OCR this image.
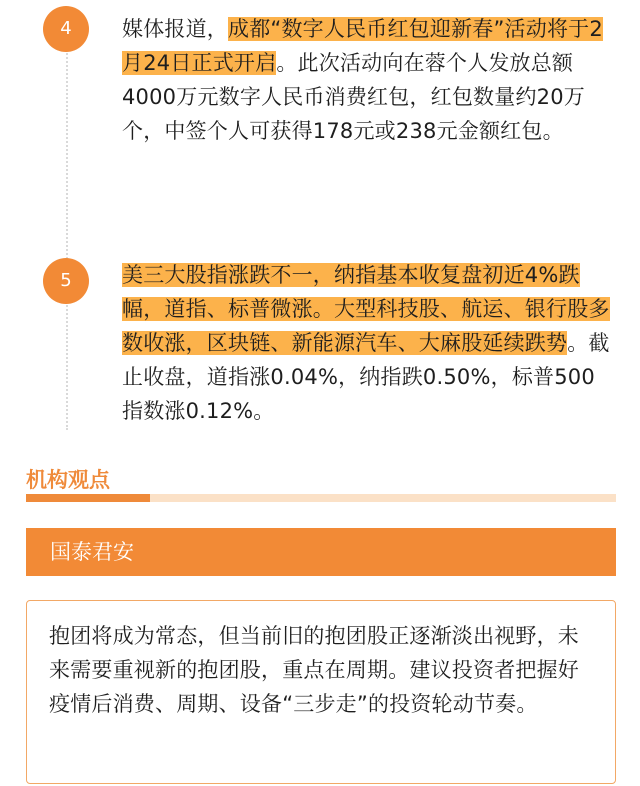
4	媒体报道，成都“数字人民币红包迎新春”活动将于2月24日正式开启。此次活动向在蓉个人发放总额4000万元数字人民币消费红包，红包数量约20万个，中签个人可获得178元或238元金额红包。

5	美三大股指涨跌不一，纳指基本收复盘初近4%跌幅，道指、标普微涨。大型科技股、航运、银行股多数收涨，区块链、新能源汽车、大麻股延续跌势。截止收盘，道指涨0.04%，纳指跌0.50%，标普500指数涨0.12%。

机构观点
国泰君安

抱团将成为常态，但当前旧的抱团股正逐渐淡出视野，未来需要重视新的抱团股，重点在周期。建议投资者把握好疫情后消费、周期、设备“三步走”的投资轮动节奏。
